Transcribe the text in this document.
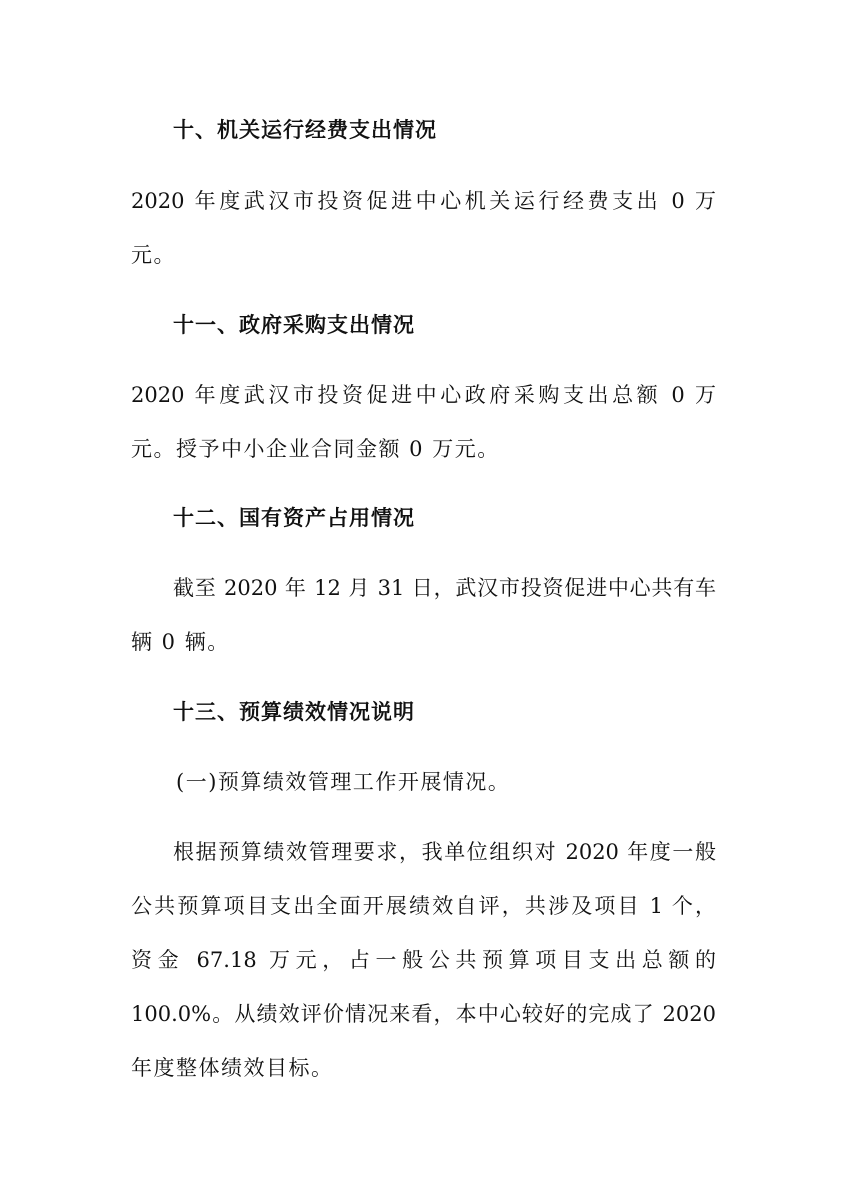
十、机关运行经费支出情况
2020 年度武汉市投资促进中心机关运行经费支出 0 万
元。
十一、政府采购支出情况
2020 年度武汉市投资促进中心政府采购支出总额 0 万
元。授予中小企业合同金额 0 万元。
十二、国有资产占用情况
截至 2020 年 12 月 31 日，武汉市投资促进中心共有车
辆 0 辆。
十三、预算绩效情况说明
(一)预算绩效管理工作开展情况。
根据预算绩效管理要求，我单位组织对 2020 年度一般
公共预算项目支出全面开展绩效自评，共涉及项目 1 个，
资金 67.18 万元，占一般公共预算项目支出总额的
100.0%。从绩效评价情况来看，本中心较好的完成了 2020
年度整体绩效目标。
